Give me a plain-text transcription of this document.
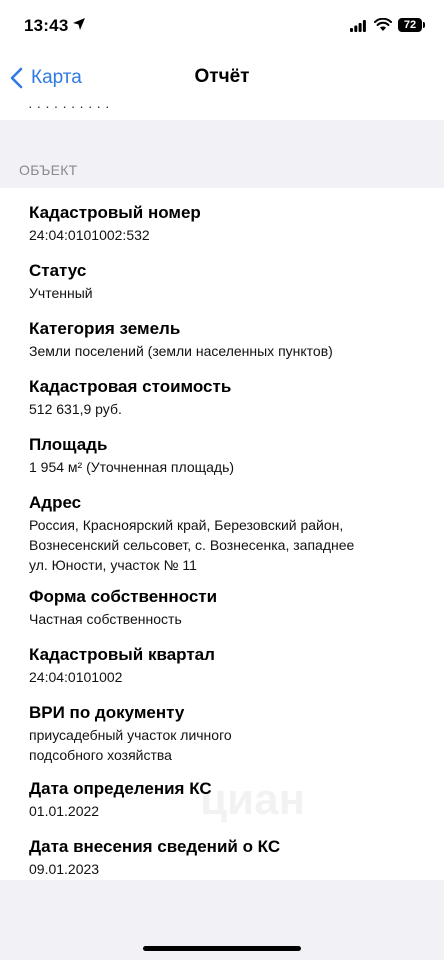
13:43	72
Карта	Отчёт
· · · · · · · · · ·
ОБЪЕКТ
Кадастровый номер
24:04:0101002:532
Статус
Учтенный
Категория земель
Земли поселений (земли населенных пунктов)
Кадастровая стоимость
512 631,9 руб.
Площадь
1 954 м² (Уточненная площадь)
Адрес
Россия, Красноярский край, Березовский район,
Вознесенский сельсовет, с. Вознесенка, западнее
ул. Юности, участок № 11
Форма собственности
Частная собственность
Кадастровый квартал
24:04:0101002
ВРИ по документу
приусадебный участок личного
подсобного хозяйства
Дата определения КС
01.01.2022
Дата внесения сведений о КС
09.01.2023
циан
